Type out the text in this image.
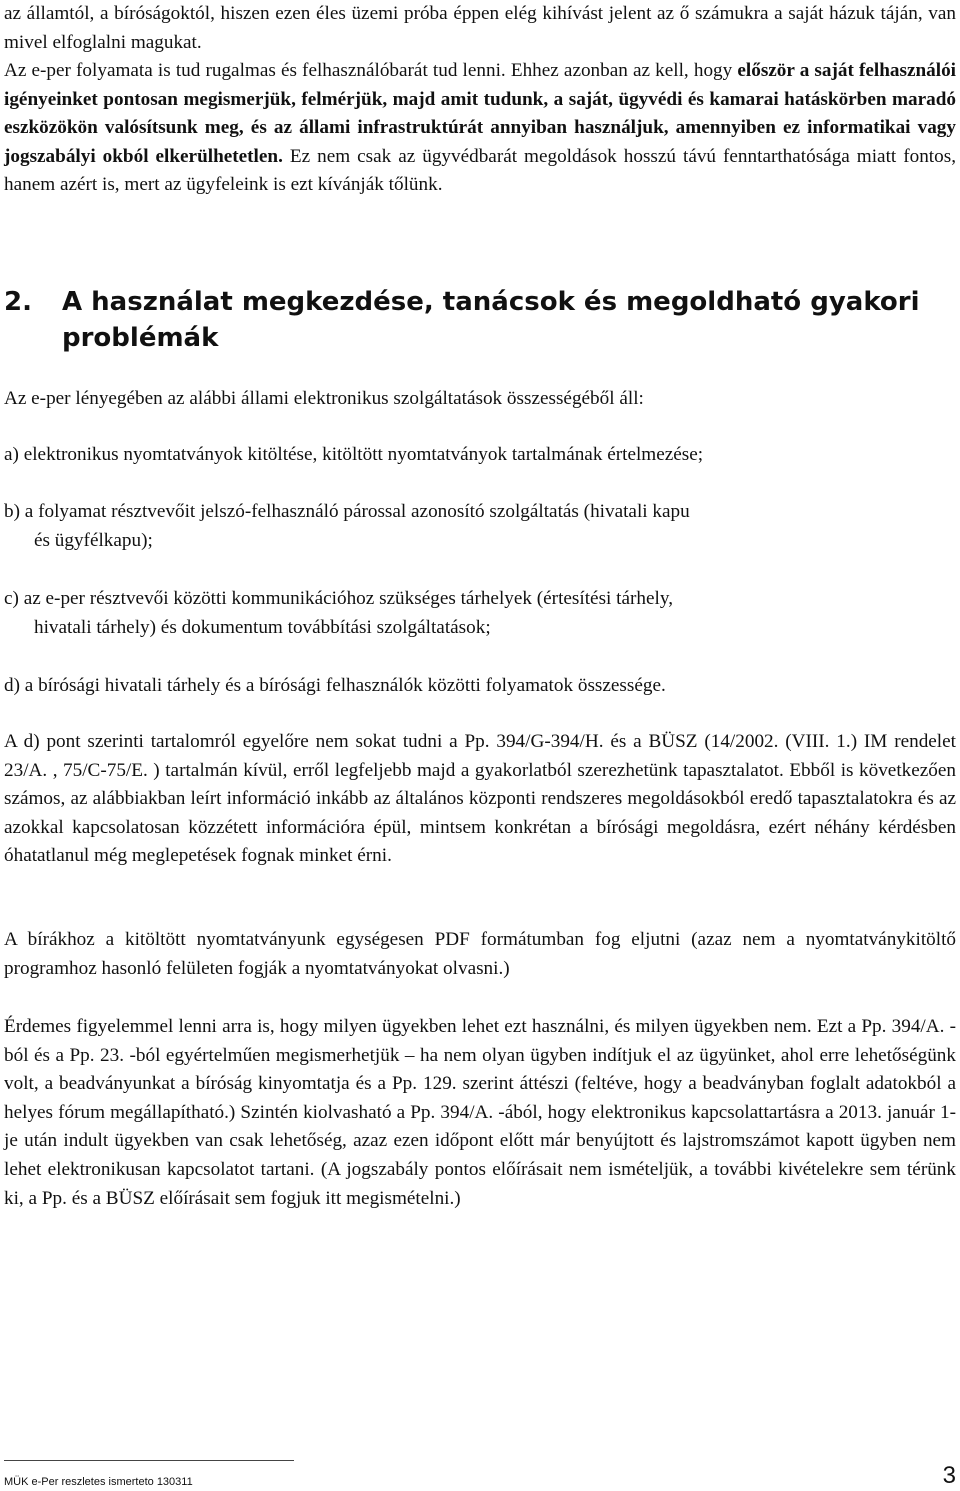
az államtól, a bíróságoktól, hiszen ezen éles üzemi próba éppen elég kihívást jelent az ő számukra a saját házuk táján, van mivel elfoglalni magukat.

Az e-per folyamata is tud rugalmas és felhasználóbarát tud lenni. Ehhez azonban az kell, hogy először a saját felhasználói igényeinket pontosan megismerjük, felmérjük, majd amit tudunk, a saját, ügyvédi és kamarai hatáskörben maradó eszközökön valósítsunk meg, és az állami infrastruktúrát annyiban használjuk, amennyiben ez informatikai vagy jogszabályi okból elkerülhetetlen. Ez nem csak az ügyvédbarát megoldások hosszú távú fenntarthatósága miatt fontos, hanem azért is, mert az ügyfeleink is ezt kívánják tőlünk.

2. A használat megkezdése, tanácsok és megoldható gyakori
problémák

Az e-per lényegében az alábbi állami elektronikus szolgáltatások összességéből áll:

a) elektronikus nyomtatványok kitöltése, kitöltött nyomtatványok tartalmának értelmezése;

b) a folyamat résztvevőit jelszó-felhasználó párossal azonosító szolgáltatás (hivatali kapu
és ügyfélkapu);

c) az e-per résztvevői közötti kommunikációhoz szükséges tárhelyek (értesítési tárhely,
hivatali tárhely) és dokumentum továbbítási szolgáltatások;

d) a bírósági hivatali tárhely és a bírósági felhasználók közötti folyamatok összessége.

A d) pont szerinti tartalomról egyelőre nem sokat tudni a Pp. 394/G-394/H. és a BÜSZ (14/2002. (VIII. 1.) IM rendelet 23/A. , 75/C-75/E. ) tartalmán kívül, erről legfeljebb majd a gyakorlatból szerezhetünk tapasztalatot. Ebből is következően számos, az alábbiakban leírt információ inkább az általános központi rendszeres megoldásokból eredő tapasztalatokra és az azokkal kapcsolatosan közzétett információra épül, mintsem konkrétan a bírósági megoldásra, ezért néhány kérdésben óhatatlanul még meglepetések fognak minket érni.

A bírákhoz a kitöltött nyomtatványunk egységesen PDF formátumban fog eljutni (azaz nem a nyomtatványkitöltő programhoz hasonló felületen fogják a nyomtatványokat olvasni.)

Érdemes figyelemmel lenni arra is, hogy milyen ügyekben lehet ezt használni, és milyen ügyekben nem. Ezt a Pp. 394/A. -ból és a Pp. 23. -ból egyértelműen megismerhetjük – ha nem olyan ügyben indítjuk el az ügyünket, ahol erre lehetőségünk volt, a beadványunkat a bíróság kinyomtatja és a Pp. 129. szerint áttészi (feltéve, hogy a beadványban foglalt adatokból a helyes fórum megállapítható.) Szintén kiolvasható a Pp. 394/A. -ából, hogy elektronikus kapcsolattartásra a 2013. január 1-je után indult ügyekben van csak lehetőség, azaz ezen időpont előtt már benyújtott és lajstromszámot kapott ügyben nem lehet elektronikusan kapcsolatot tartani. (A jogszabály pontos előírásait nem ismételjük, a további kivételekre sem térünk ki, a Pp. és a BÜSZ előírásait sem fogjuk itt megismételni.)

MÜK e-Per reszletes ismerteto 130311	3
